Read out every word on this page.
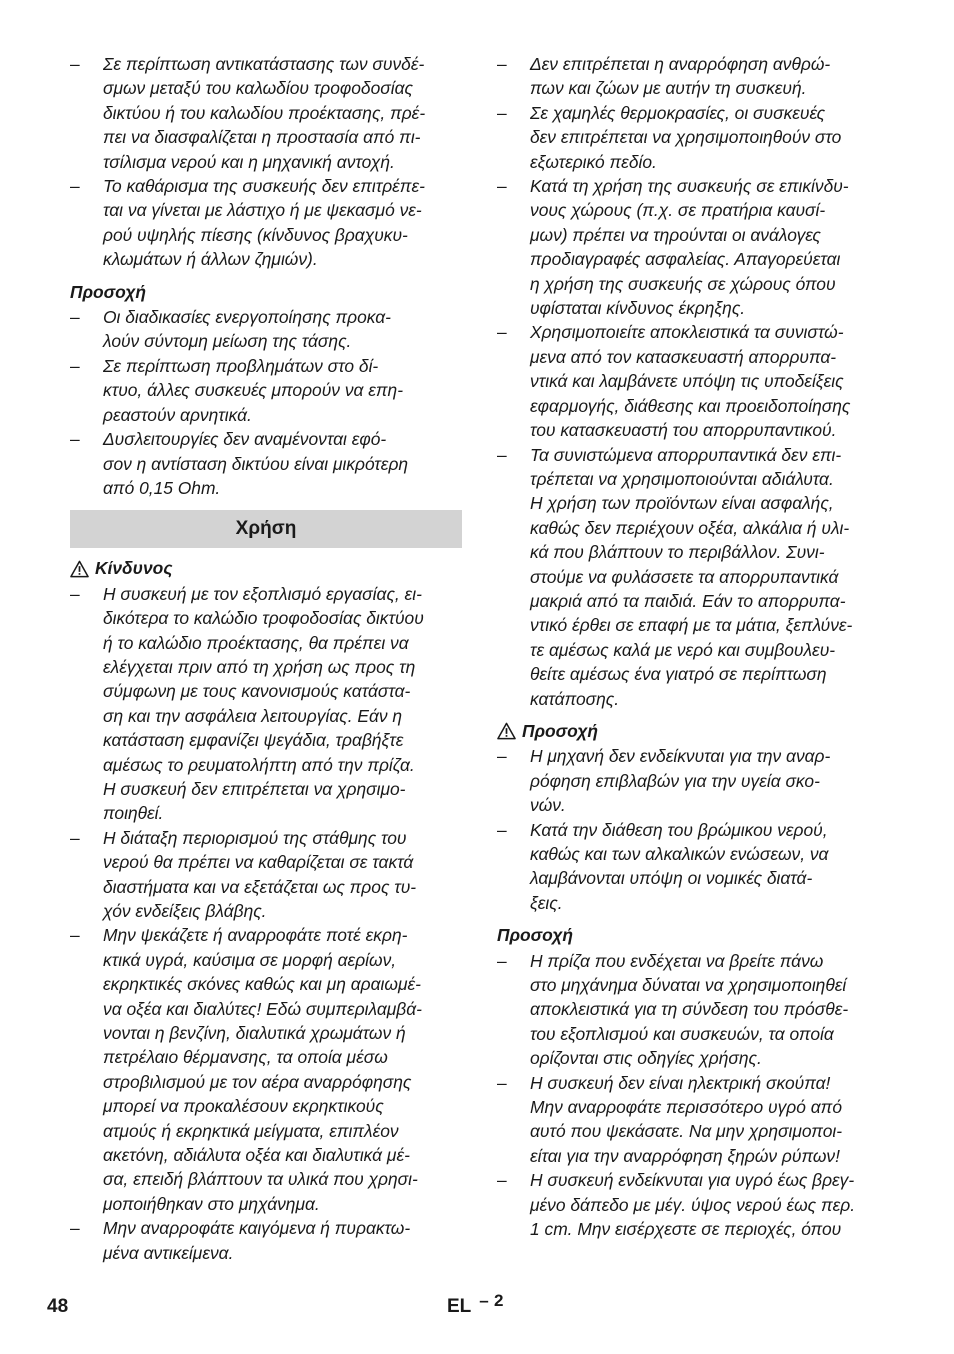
– Σε περίπτωση αντικατάστασης των συνδέ-
σμων μεταξύ του καλωδίου τροφοδοσίας
δικτύου ή του καλωδίου προέκτασης, πρέ-
πει να διασφαλίζεται η προστασία από πι-
τσίλισμα νερού και η μηχανική αντοχή.
– Το καθάρισμα της συσκευής δεν επιτρέπε-
ται να γίνεται με λάστιχο ή με ψεκασμό νε-
ρού υψηλής πίεσης (κίνδυνος βραχυκυ-
κλωμάτων ή άλλων ζημιών).
Προσοχή
– Οι διαδικασίες ενεργοποίησης προκα-
λούν σύντομη μείωση της τάσης.
– Σε περίπτωση προβλημάτων στο δί-
κτυο, άλλες συσκευές μπορούν να επη-
ρεαστούν αρνητικά.
– Δυσλειτουργίες δεν αναμένονται εφό-
σον η αντίσταση δικτύου είναι μικρότερη
από 0,15 Ohm.
Χρήση
Κίνδυνος
– Η συσκευή με τον εξοπλισμό εργασίας, ει-
δικότερα το καλώδιο τροφοδοσίας δικτύου
ή το καλώδιο προέκτασης, θα πρέπει να
ελέγχεται πριν από τη χρήση ως προς τη
σύμφωνη με τους κανονισμούς κατάστα-
ση και την ασφάλεια λειτουργίας. Εάν η
κατάσταση εμφανίζει ψεγάδια, τραβήξτε
αμέσως το ρευματολήπτη από την πρίζα.
Η συσκευή δεν επιτρέπεται να χρησιμο-
ποιηθεί.
– Η διάταξη περιορισμού της στάθμης του
νερού θα πρέπει να καθαρίζεται σε τακτά
διαστήματα και να εξετάζεται ως προς τυ-
χόν ενδείξεις βλάβης.
– Μην ψεκάζετε ή αναρροφάτε ποτέ εκρη-
κτικά υγρά, καύσιμα σε μορφή αερίων,
εκρηκτικές σκόνες καθώς και μη αραιωμέ-
να οξέα και διαλύτες! Εδώ συμπεριλαμβά-
νονται η βενζίνη, διαλυτικά χρωμάτων ή
πετρέλαιο θέρμανσης, τα οποία μέσω
στροβιλισμού με τον αέρα αναρρόφησης
μπορεί να προκαλέσουν εκρηκτικούς
ατμούς ή εκρηκτικά μείγματα, επιπλέον
ακετόνη, αδιάλυτα οξέα και διαλυτικά μέ-
σα, επειδή βλάπτουν τα υλικά που χρησι-
μοποιήθηκαν στο μηχάνημα.
– Μην αναρροφάτε καιγόμενα ή πυρακτω-
μένα αντικείμενα.
– Δεν επιτρέπεται η αναρρόφηση ανθρώ-
πων και ζώων με αυτήν τη συσκευή.
– Σε χαμηλές θερμοκρασίες, οι συσκευές
δεν επιτρέπεται να χρησιμοποιηθούν στο
εξωτερικό πεδίο.
– Κατά τη χρήση της συσκευής σε επικίνδυ-
νους χώρους (π.χ. σε πρατήρια καυσί-
μων) πρέπει να τηρούνται οι ανάλογες
προδιαγραφές ασφαλείας. Απαγορεύεται
η χρήση της συσκευής σε χώρους όπου
υφίσταται κίνδυνος έκρηξης.
– Χρησιμοποιείτε αποκλειστικά τα συνιστώ-
μενα από τον κατασκευαστή απορρυπα-
ντικά και λαμβάνετε υπόψη τις υποδείξεις
εφαρμογής, διάθεσης και προειδοποίησης
του κατασκευαστή του απορρυπαντικού.
– Τα συνιστώμενα απορρυπαντικά δεν επι-
τρέπεται να χρησιμοποιούνται αδιάλυτα.
Η χρήση των προϊόντων είναι ασφαλής,
καθώς δεν περιέχουν οξέα, αλκάλια ή υλι-
κά που βλάπτουν το περιβάλλον. Συνι-
στούμε να φυλάσσετε τα απορρυπαντικά
μακριά από τα παιδιά. Εάν το απορρυπα-
ντικό έρθει σε επαφή με τα μάτια, ξεπλύνε-
τε αμέσως καλά με νερό και συμβουλευ-
θείτε αμέσως ένα γιατρό σε περίπτωση
κατάποσης.
Προσοχή
– Η μηχανή δεν ενδείκνυται για την αναρ-
ρόφηση επιβλαβών για την υγεία σκο-
νών.
– Κατά την διάθεση του βρώμικου νερού,
καθώς και των αλκαλικών ενώσεων, να
λαμβάνονται υπόψη οι νομικές διατά-
ξεις.
Προσοχή
– Η πρίζα που ενδέχεται να βρείτε πάνω
στο μηχάνημα δύναται να χρησιμοποιηθεί
αποκλειστικά για τη σύνδεση του πρόσθε-
του εξοπλισμού και συσκευών, τα οποία
ορίζονται στις οδηγίες χρήσης.
– Η συσκευή δεν είναι ηλεκτρική σκούπα!
Μην αναρροφάτε περισσότερο υγρό από
αυτό που ψεκάσατε. Να μην χρησιμοποι-
είται για την αναρρόφηση ξηρών ρύπων!
– Η συσκευή ενδείκνυται για υγρό έως βρεγ-
μένο δάπεδο με μέγ. ύψος νερού έως περ.
1 cm. Μην εισέρχεστε σε περιοχές, όπου
48	EL – 2
